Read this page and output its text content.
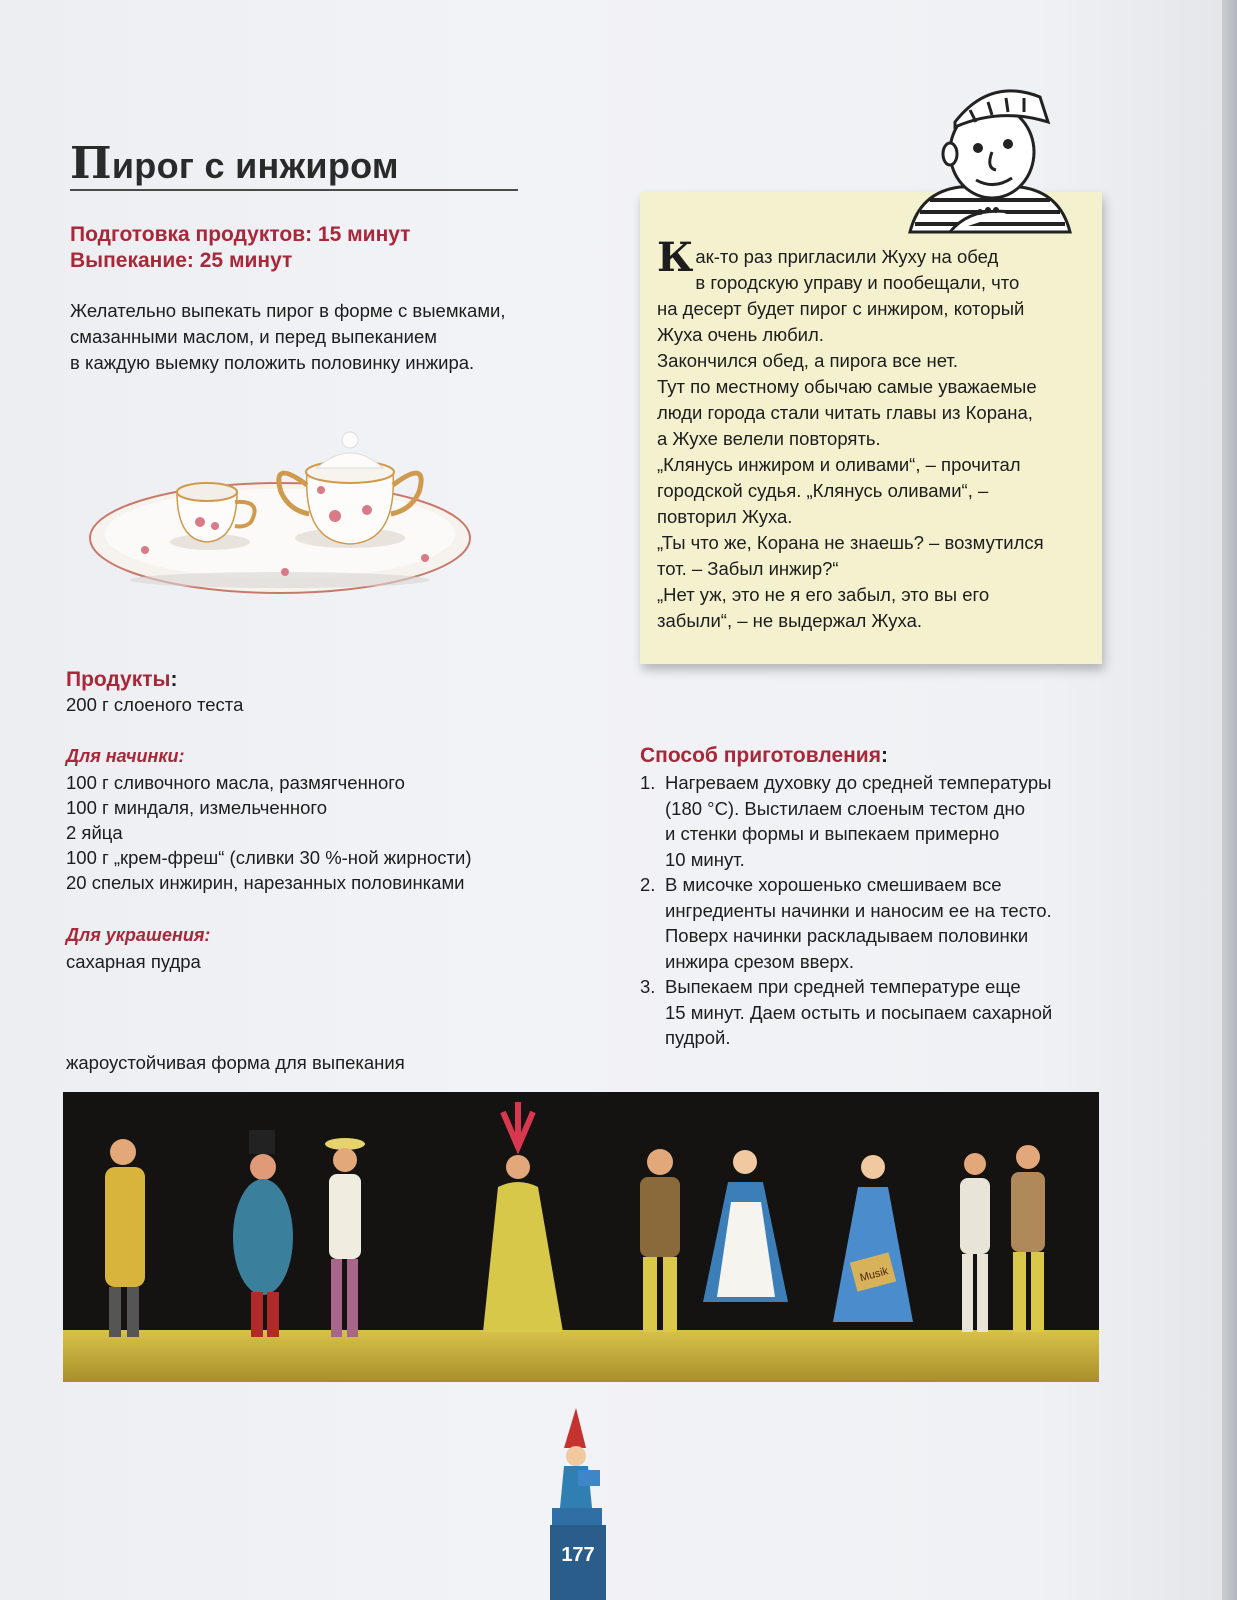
Пирог с инжиром
Подготовка продуктов: 15 минут
Выпекание: 25 минут
Желательно выпекать пирог в форме с выемками,
смазанными маслом, и перед выпеканием
в каждую выемку положить половинку инжира.
Продукты:
200 г слоеного теста
Для начинки:
100 г сливочного масла, размягченного
100 г миндаля, измельченного
2 яйца
100 г „крем-фреш“ (сливки 30 %-ной жирности)
20 спелых инжирин, нарезанных половинками
Для украшения:
сахарная пудра

жароустойчивая форма для выпекания

Как-то раз пригласили Жуху на обед
в городскую управу и пообещали, что
на десерт будет пирог с инжиром, который
Жуха очень любил.
Закончился обед, а пирога все нет.
Тут по местному обычаю самые уважаемые
люди города стали читать главы из Корана,
а Жухе велели повторять.
„Клянусь инжиром и оливами“, – прочитал
городской судья. „Клянусь оливами“, –
повторил Жуха.
„Ты что же, Корана не знаешь? – возмутился
тот. – Забыл инжир?“
„Нет уж, это не я его забыл, это вы его
забыли“, – не выдержал Жуха.
Способ приготовления:
1. Нагреваем духовку до средней температуры
(180 °С). Выстилаем слоеным тестом дно
и стенки формы и выпекаем примерно
10 минут.
2. В мисочке хорошенько смешиваем все
ингредиенты начинки и наносим ее на тесто.
Поверх начинки раскладываем половинки
инжира срезом вверх.
3. Выпекаем при средней температуре еще
15 минут. Даем остыть и посыпаем сахарной
пудрой.
Musik
177
